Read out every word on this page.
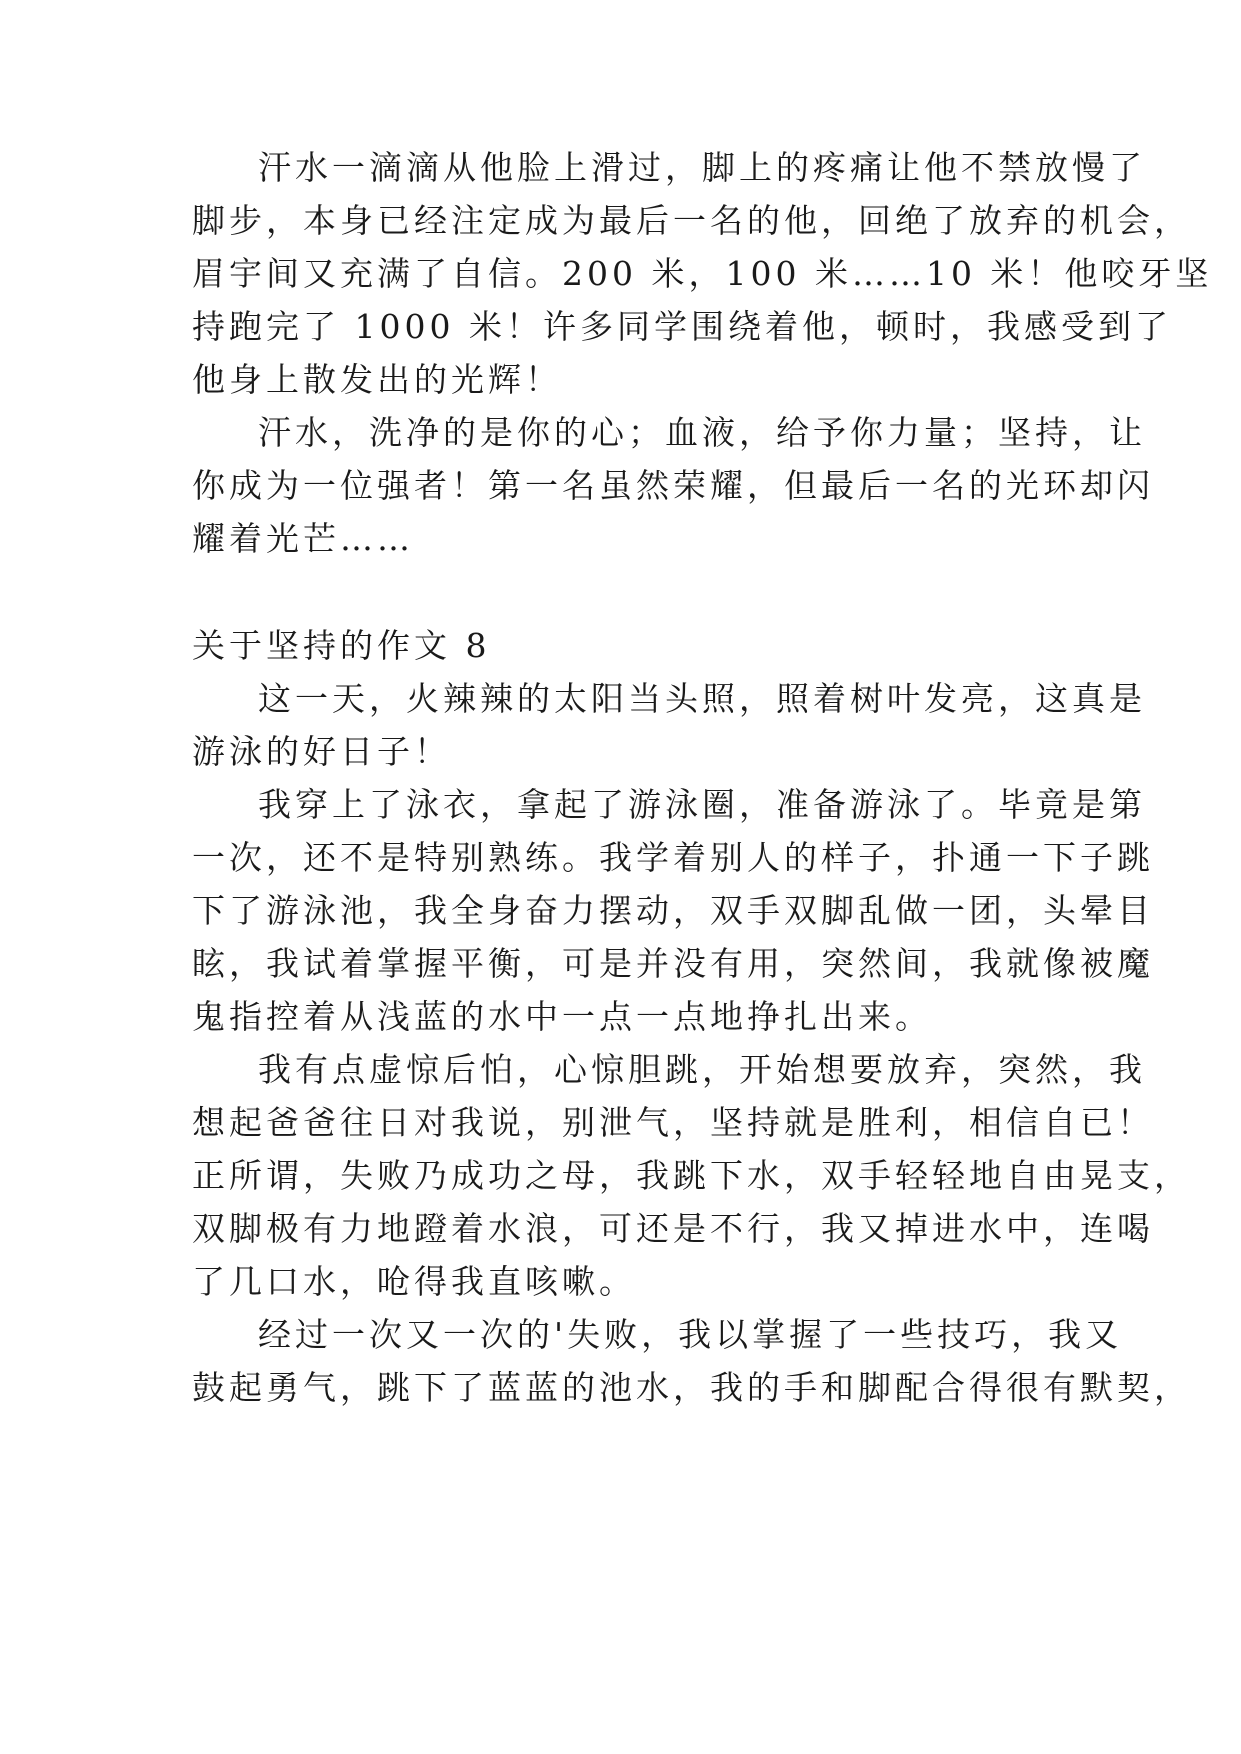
汗水一滴滴从他脸上滑过，脚上的疼痛让他不禁放慢了
脚步，本身已经注定成为最后一名的他，回绝了放弃的机会，
眉宇间又充满了自信。200 米，100 米……10 米！他咬牙坚
持跑完了 1000 米！许多同学围绕着他，顿时，我感受到了
他身上散发出的光辉！
汗水，洗净的是你的心；血液，给予你力量；坚持，让
你成为一位强者！第一名虽然荣耀，但最后一名的光环却闪
耀着光芒……
关于坚持的作文 8
这一天，火辣辣的太阳当头照，照着树叶发亮，这真是
游泳的好日子！
我穿上了泳衣，拿起了游泳圈，准备游泳了。毕竟是第
一次，还不是特别熟练。我学着别人的样子，扑通一下子跳
下了游泳池，我全身奋力摆动，双手双脚乱做一团，头晕目
眩，我试着掌握平衡，可是并没有用，突然间，我就像被魔
鬼指控着从浅蓝的水中一点一点地挣扎出来。
我有点虚惊后怕，心惊胆跳，开始想要放弃，突然，我
想起爸爸往日对我说，别泄气，坚持就是胜利，相信自已！
正所谓，失败乃成功之母，我跳下水，双手轻轻地自由晃支，
双脚极有力地蹬着水浪，可还是不行，我又掉进水中，连喝
了几口水，呛得我直咳嗽。
经过一次又一次的'失败，我以掌握了一些技巧，我又
鼓起勇气，跳下了蓝蓝的池水，我的手和脚配合得很有默契，
